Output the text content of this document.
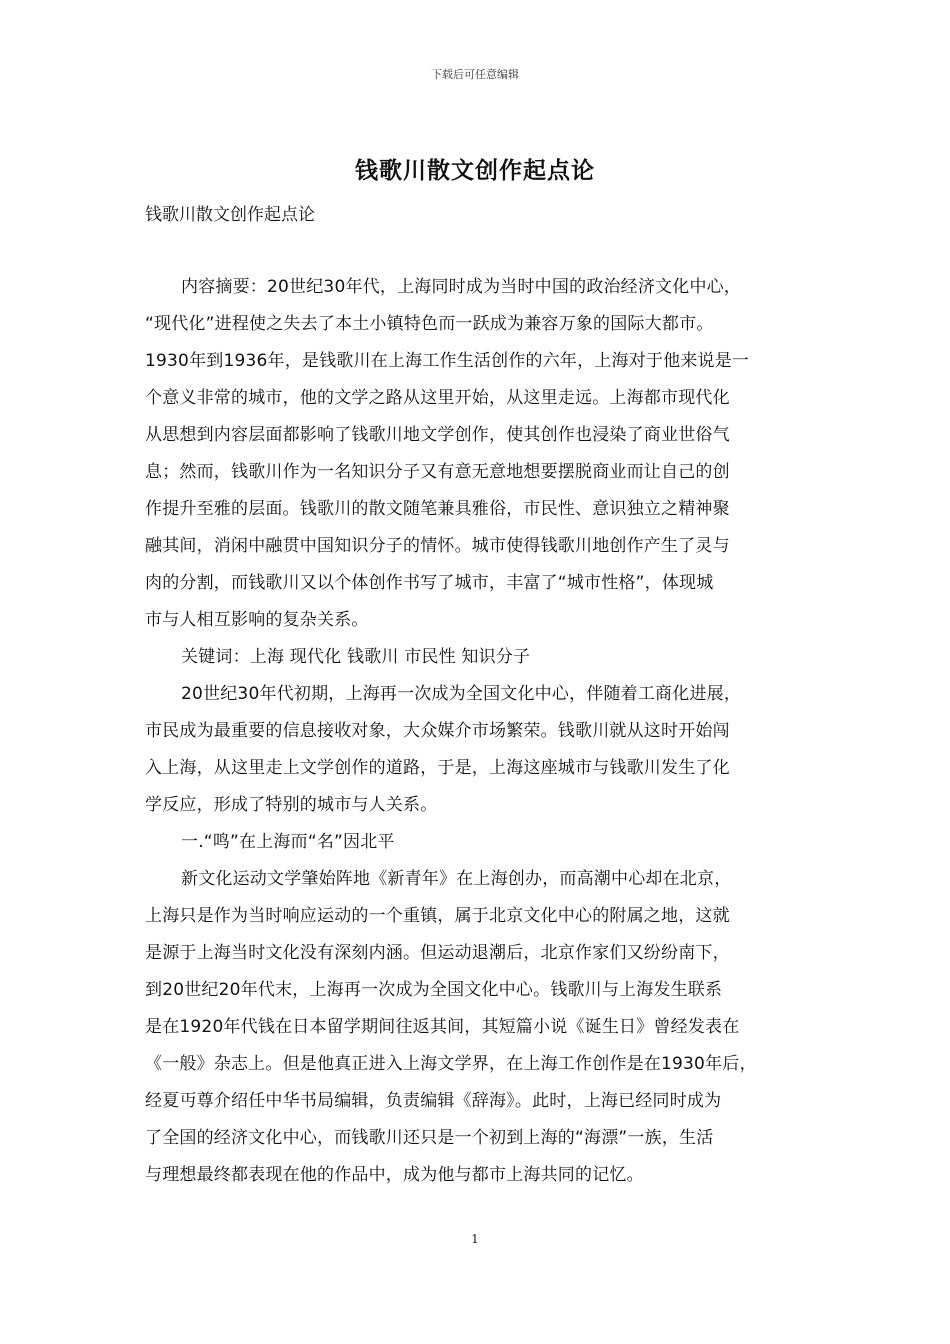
下载后可任意编辑
钱歌川散文创作起点论
钱歌川散文创作起点论
内容摘要：20世纪30年代，上海同时成为当时中国的政治经济文化中心，
“现代化”进程使之失去了本土小镇特色而一跃成为兼容万象的国际大都市。
1930年到1936年，是钱歌川在上海工作生活创作的六年，上海对于他来说是一
个意义非常的城市，他的文学之路从这里开始，从这里走远。上海都市现代化
从思想到内容层面都影响了钱歌川地文学创作，使其创作也浸染了商业世俗气
息；然而，钱歌川作为一名知识分子又有意无意地想要摆脱商业而让自己的创
作提升至雅的层面。钱歌川的散文随笔兼具雅俗，市民性、意识独立之精神聚
融其间，消闲中融贯中国知识分子的情怀。城市使得钱歌川地创作产生了灵与
肉的分割，而钱歌川又以个体创作书写了城市，丰富了“城市性格”，体现城
市与人相互影响的复杂关系。
关键词：上海 现代化 钱歌川 市民性 知识分子
20世纪30年代初期，上海再一次成为全国文化中心，伴随着工商化进展，
市民成为最重要的信息接收对象，大众媒介市场繁荣。钱歌川就从这时开始闯
入上海，从这里走上文学创作的道路，于是，上海这座城市与钱歌川发生了化
学反应，形成了特别的城市与人关系。
一.“鸣”在上海而“名”因北平
新文化运动文学肇始阵地《新青年》在上海创办，而高潮中心却在北京，
上海只是作为当时响应运动的一个重镇，属于北京文化中心的附属之地，这就
是源于上海当时文化没有深刻内涵。但运动退潮后，北京作家们又纷纷南下，
到20世纪20年代末，上海再一次成为全国文化中心。钱歌川与上海发生联系
是在1920年代钱在日本留学期间往返其间，其短篇小说《诞生日》曾经发表在
《一般》杂志上。但是他真正进入上海文学界，在上海工作创作是在1930年后，
经夏丏尊介绍任中华书局编辑，负责编辑《辞海》。此时，上海已经同时成为
了全国的经济文化中心，而钱歌川还只是一个初到上海的“海漂”一族，生活
与理想最终都表现在他的作品中，成为他与都市上海共同的记忆。
1
